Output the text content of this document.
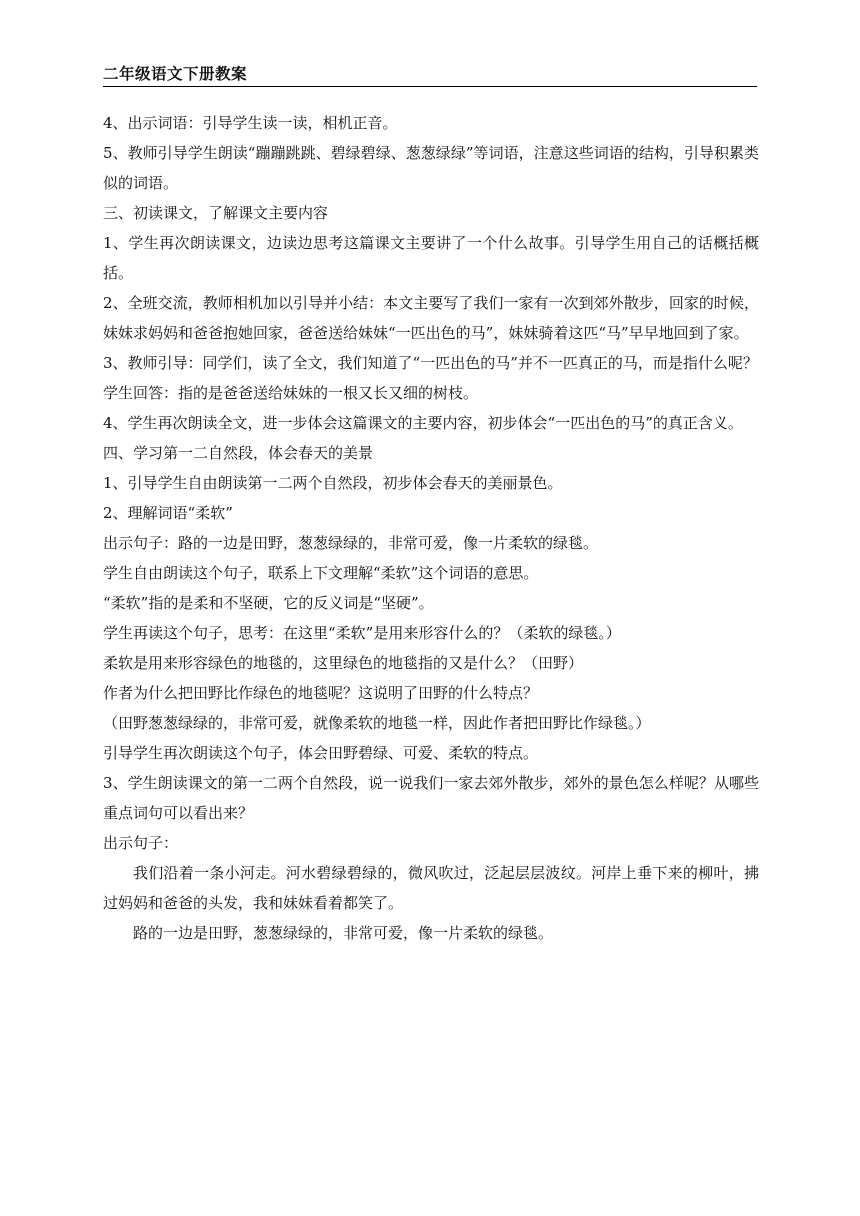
二年级语文下册教案

4、出示词语：引导学生读一读，相机正音。

5、教师引导学生朗读“蹦蹦跳跳、碧绿碧绿、葱葱绿绿”等词语，注意这些词语的结构，引导积累类似的词语。

三、初读课文，了解课文主要内容

1、学生再次朗读课文，边读边思考这篇课文主要讲了一个什么故事。引导学生用自己的话概括概括。

2、全班交流，教师相机加以引导并小结：本文主要写了我们一家有一次到郊外散步，回家的时候，妹妹求妈妈和爸爸抱她回家，爸爸送给妹妹“一匹出色的马”，妹妹骑着这匹“马”早早地回到了家。

3、教师引导：同学们，读了全文，我们知道了“一匹出色的马”并不一匹真正的马，而是指什么呢？

学生回答：指的是爸爸送给妹妹的一根又长又细的树枝。

4、学生再次朗读全文，进一步体会这篇课文的主要内容，初步体会“一匹出色的马”的真正含义。

四、学习第一二自然段，体会春天的美景

1、引导学生自由朗读第一二两个自然段，初步体会春天的美丽景色。

2、理解词语“柔软”

出示句子：路的一边是田野，葱葱绿绿的，非常可爱，像一片柔软的绿毯。

学生自由朗读这个句子，联系上下文理解“柔软”这个词语的意思。

“柔软”指的是柔和不坚硬，它的反义词是“坚硬”。

学生再读这个句子，思考：在这里“柔软”是用来形容什么的？（柔软的绿毯。）

柔软是用来形容绿色的地毯的，这里绿色的地毯指的又是什么？（田野）

作者为什么把田野比作绿色的地毯呢？这说明了田野的什么特点？

（田野葱葱绿绿的，非常可爱，就像柔软的地毯一样，因此作者把田野比作绿毯。）

引导学生再次朗读这个句子，体会田野碧绿、可爱、柔软的特点。

3、学生朗读课文的第一二两个自然段，说一说我们一家去郊外散步，郊外的景色怎么样呢？从哪些重点词句可以看出来？

出示句子：

我们沿着一条小河走。河水碧绿碧绿的，微风吹过，泛起层层波纹。河岸上垂下来的柳叶，拂过妈妈和爸爸的头发，我和妹妹看着都笑了。

路的一边是田野，葱葱绿绿的，非常可爱，像一片柔软的绿毯。
